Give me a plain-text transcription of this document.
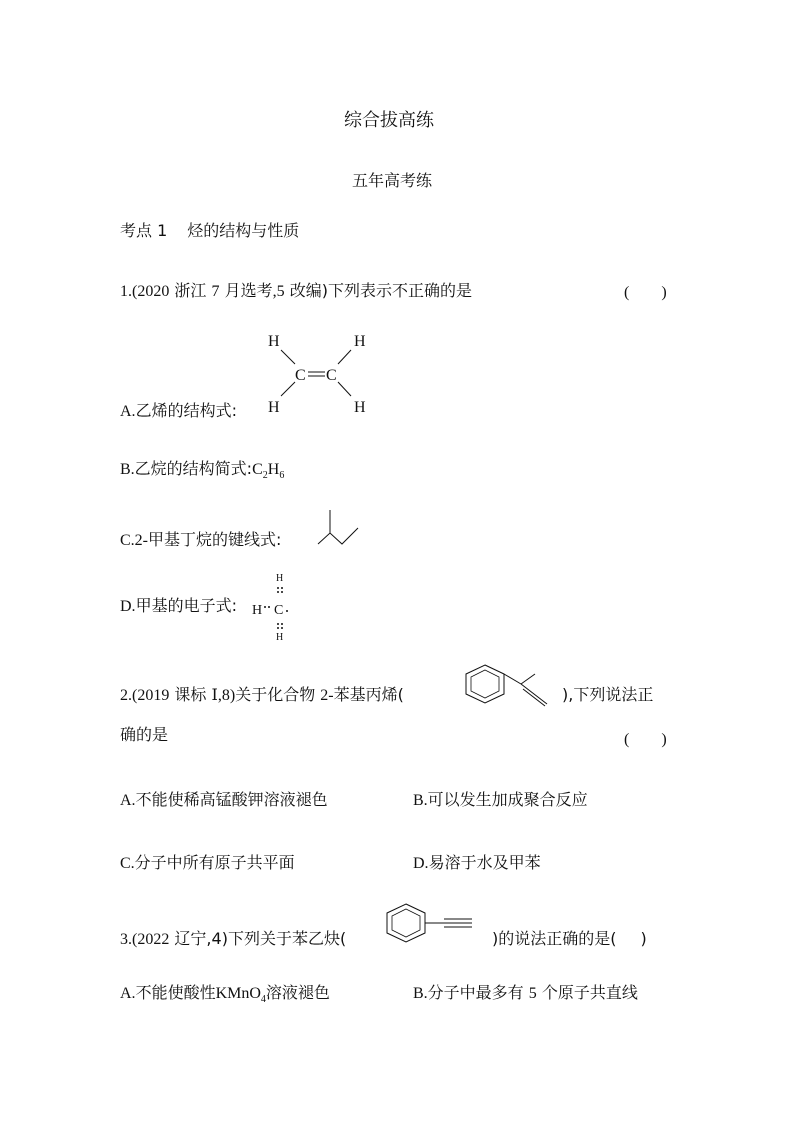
综合拔高练
五年高考练
考点 1 烃的结构与性质
1.(2020 浙江 7 月选考,5 改编)下列表示不正确的是	(　　)
H	H
H	H
C C
A.乙烯的结构式:
B.乙烷的结构简式$:C_2H_6$
C.2-甲基丁烷的键线式:
D.甲基的电子式:
H
H C
H
2.(2019 课标 Ⅰ,8)关于化合物 2-苯基丙烯(	),下列说法正
确的是	(　　)
A.不能使稀高锰酸钾溶液褪色	B.可以发生加成聚合反应
C.分子中所有原子共平面	D.易溶于水及甲苯
3.(2022 辽宁,4)下列关于苯乙炔(	)的说法正确的是( )
A.不能使酸性KMnO$_4$溶液褪色	B.分子中最多有 5 个原子共直线
